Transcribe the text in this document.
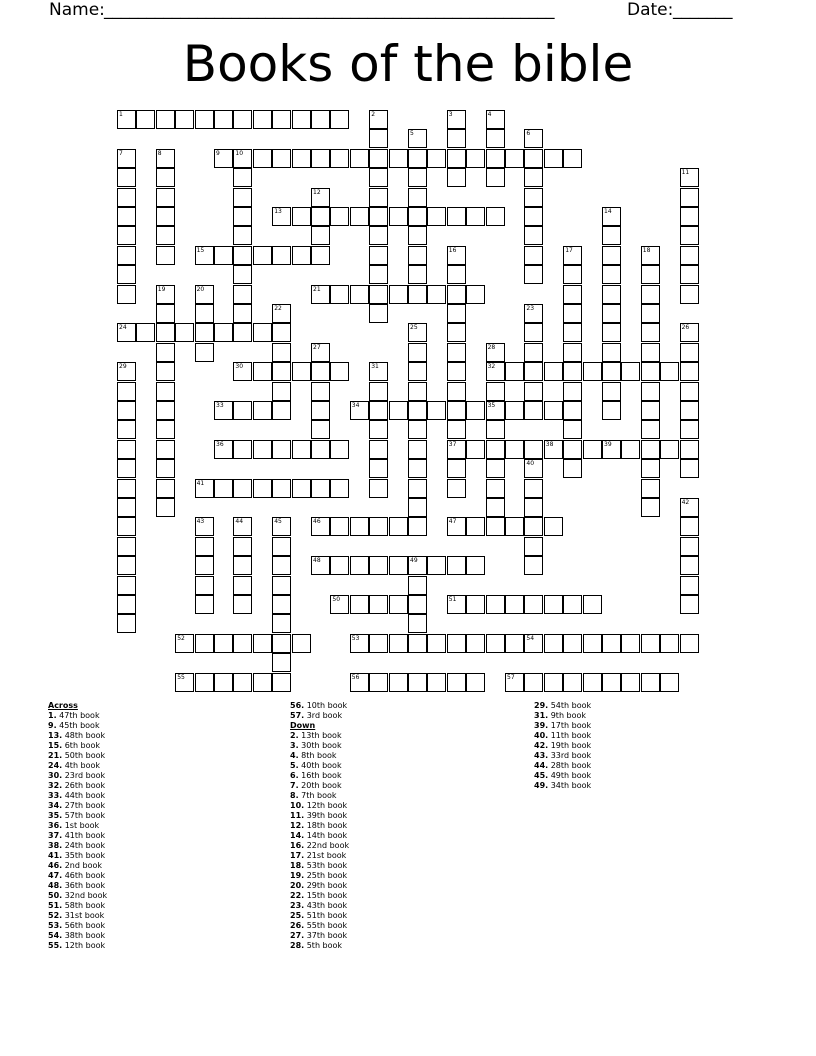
Name: _____________________________________________________	Date: _______
Books of the bible
1
9	10
13
15
21
24
30	32
33	34	35
36	37	38	39
41
46	47
48	49
50	51
52	53	54
55	56	57
2	3	4
5	6
7	8
11
12
14
16	17	18
19	20
22	23
25	26
27	28
29	31
40
42
43	44	45
Across
1. 47th book
9. 45th book
13. 48th book
15. 6th book
21. 50th book
24. 4th book
30. 23rd book
32. 26th book
33. 44th book
34. 27th book
35. 57th book
36. 1st book
37. 41th book
38. 24th book
41. 35th book
46. 2nd book
47. 46th book
48. 36th book
50. 32nd book
51. 58th book
52. 31st book
53. 56th book
54. 38th book
55. 12th book
56. 10th book
57. 3rd book
Down
2. 13th book
3. 30th book
4. 8th book
5. 40th book
6. 16th book
7. 20th book
8. 7th book
10. 12th book
11. 39th book
12. 18th book
14. 14th book
16. 22nd book
17. 21st book
18. 53th book
19. 25th book
20. 29th book
22. 15th book
23. 43th book
25. 51th book
26. 55th book
27. 37th book
28. 5th book
29. 54th book
31. 9th book
39. 17th book
40. 11th book
42. 19th book
43. 33rd book
44. 28th book
45. 49th book
49. 34th book
